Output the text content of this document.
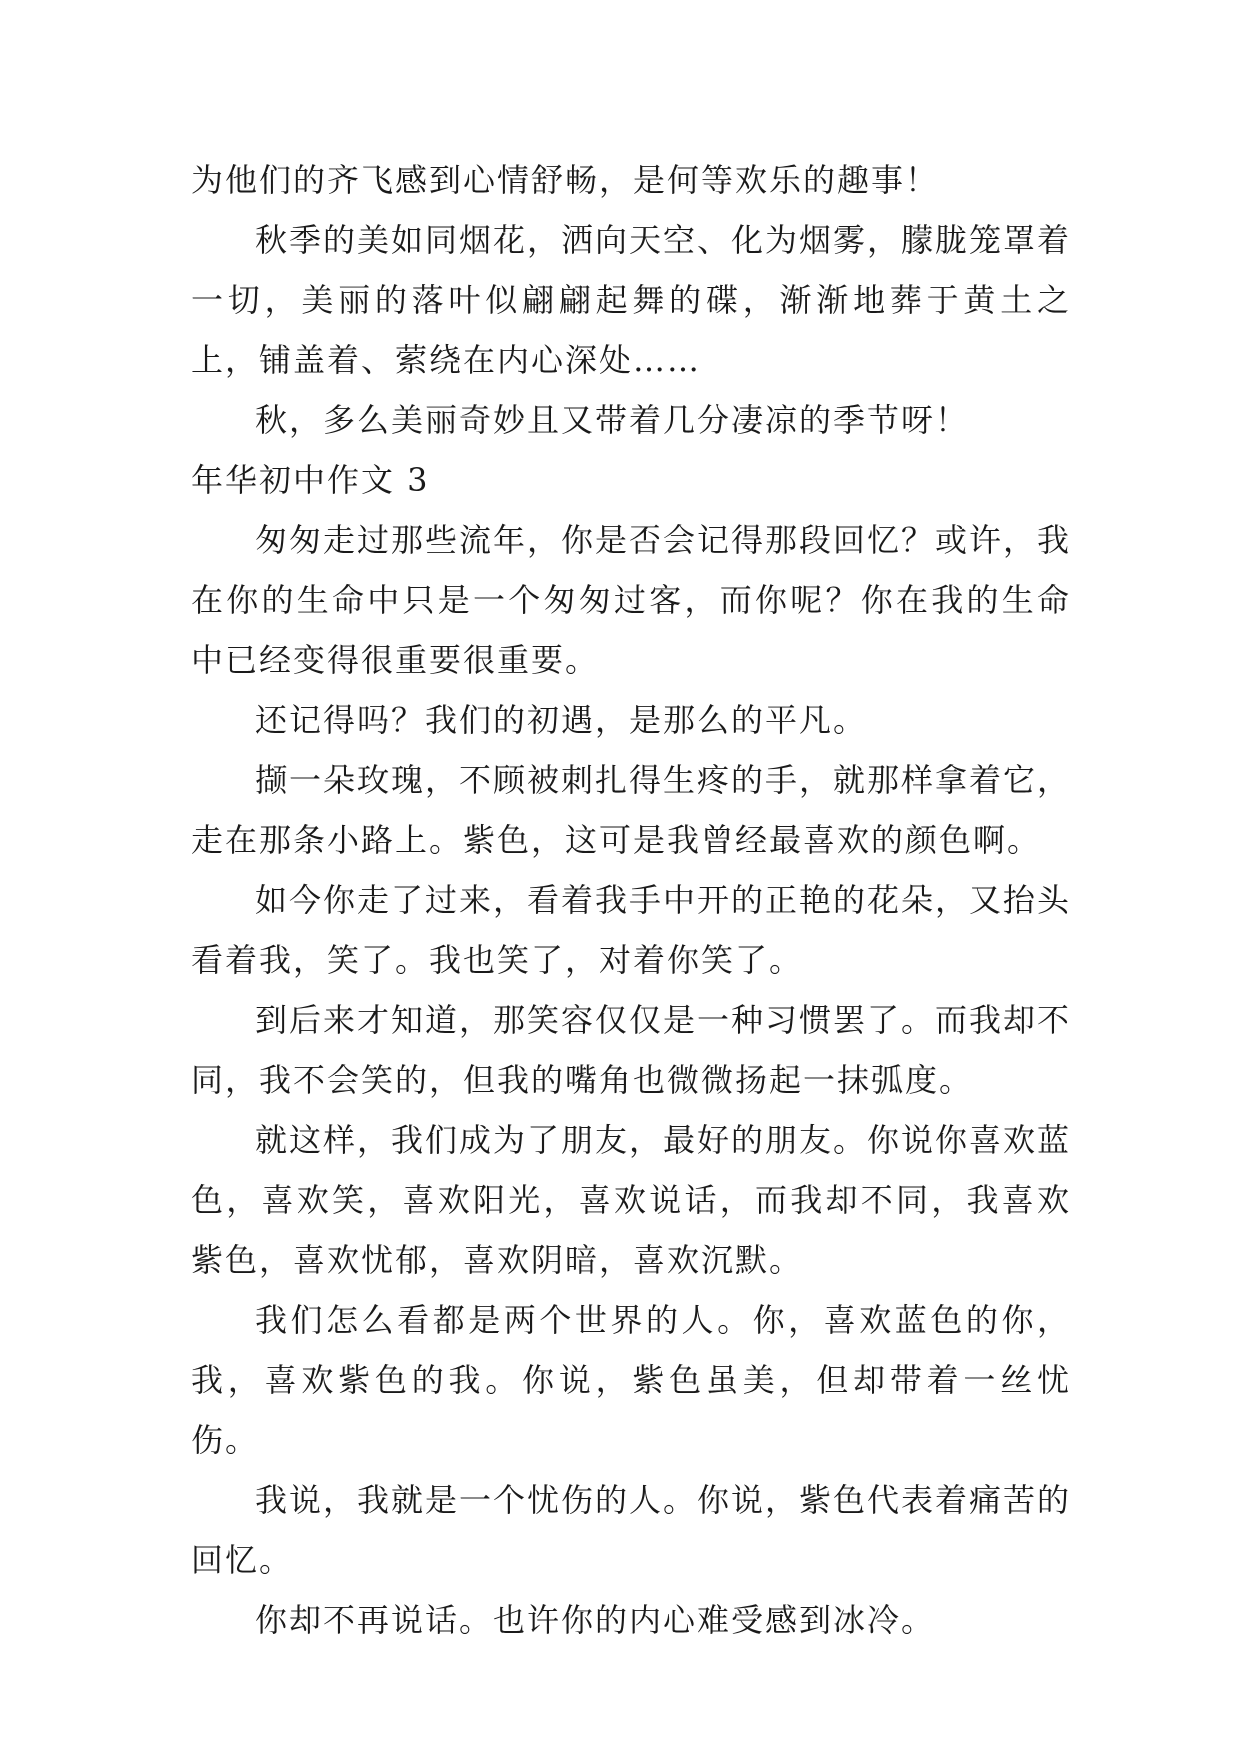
为他们的齐飞感到心情舒畅，是何等欢乐的趣事！

秋季的美如同烟花，洒向天空、化为烟雾，朦胧笼罩着一切，美丽的落叶似翩翩起舞的碟，渐渐地葬于黄土之上，铺盖着、萦绕在内心深处……

秋，多么美丽奇妙且又带着几分凄凉的季节呀！

年华初中作文 3

匆匆走过那些流年，你是否会记得那段回忆？或许，我在你的生命中只是一个匆匆过客，而你呢？你在我的生命中已经变得很重要很重要。

还记得吗？我们的初遇，是那么的平凡。

撷一朵玫瑰，不顾被刺扎得生疼的手，就那样拿着它，走在那条小路上。紫色，这可是我曾经最喜欢的颜色啊。

如今你走了过来，看着我手中开的正艳的花朵，又抬头看着我，笑了。我也笑了，对着你笑了。

到后来才知道，那笑容仅仅是一种习惯罢了。而我却不同，我不会笑的，但我的嘴角也微微扬起一抹弧度。

就这样，我们成为了朋友，最好的朋友。你说你喜欢蓝色，喜欢笑，喜欢阳光，喜欢说话，而我却不同，我喜欢紫色，喜欢忧郁，喜欢阴暗，喜欢沉默。

我们怎么看都是两个世界的人。你，喜欢蓝色的你，我，喜欢紫色的我。你说，紫色虽美，但却带着一丝忧伤。

我说，我就是一个忧伤的人。你说，紫色代表着痛苦的回忆。

你却不再说话。也许你的内心难受感到冰冷。
